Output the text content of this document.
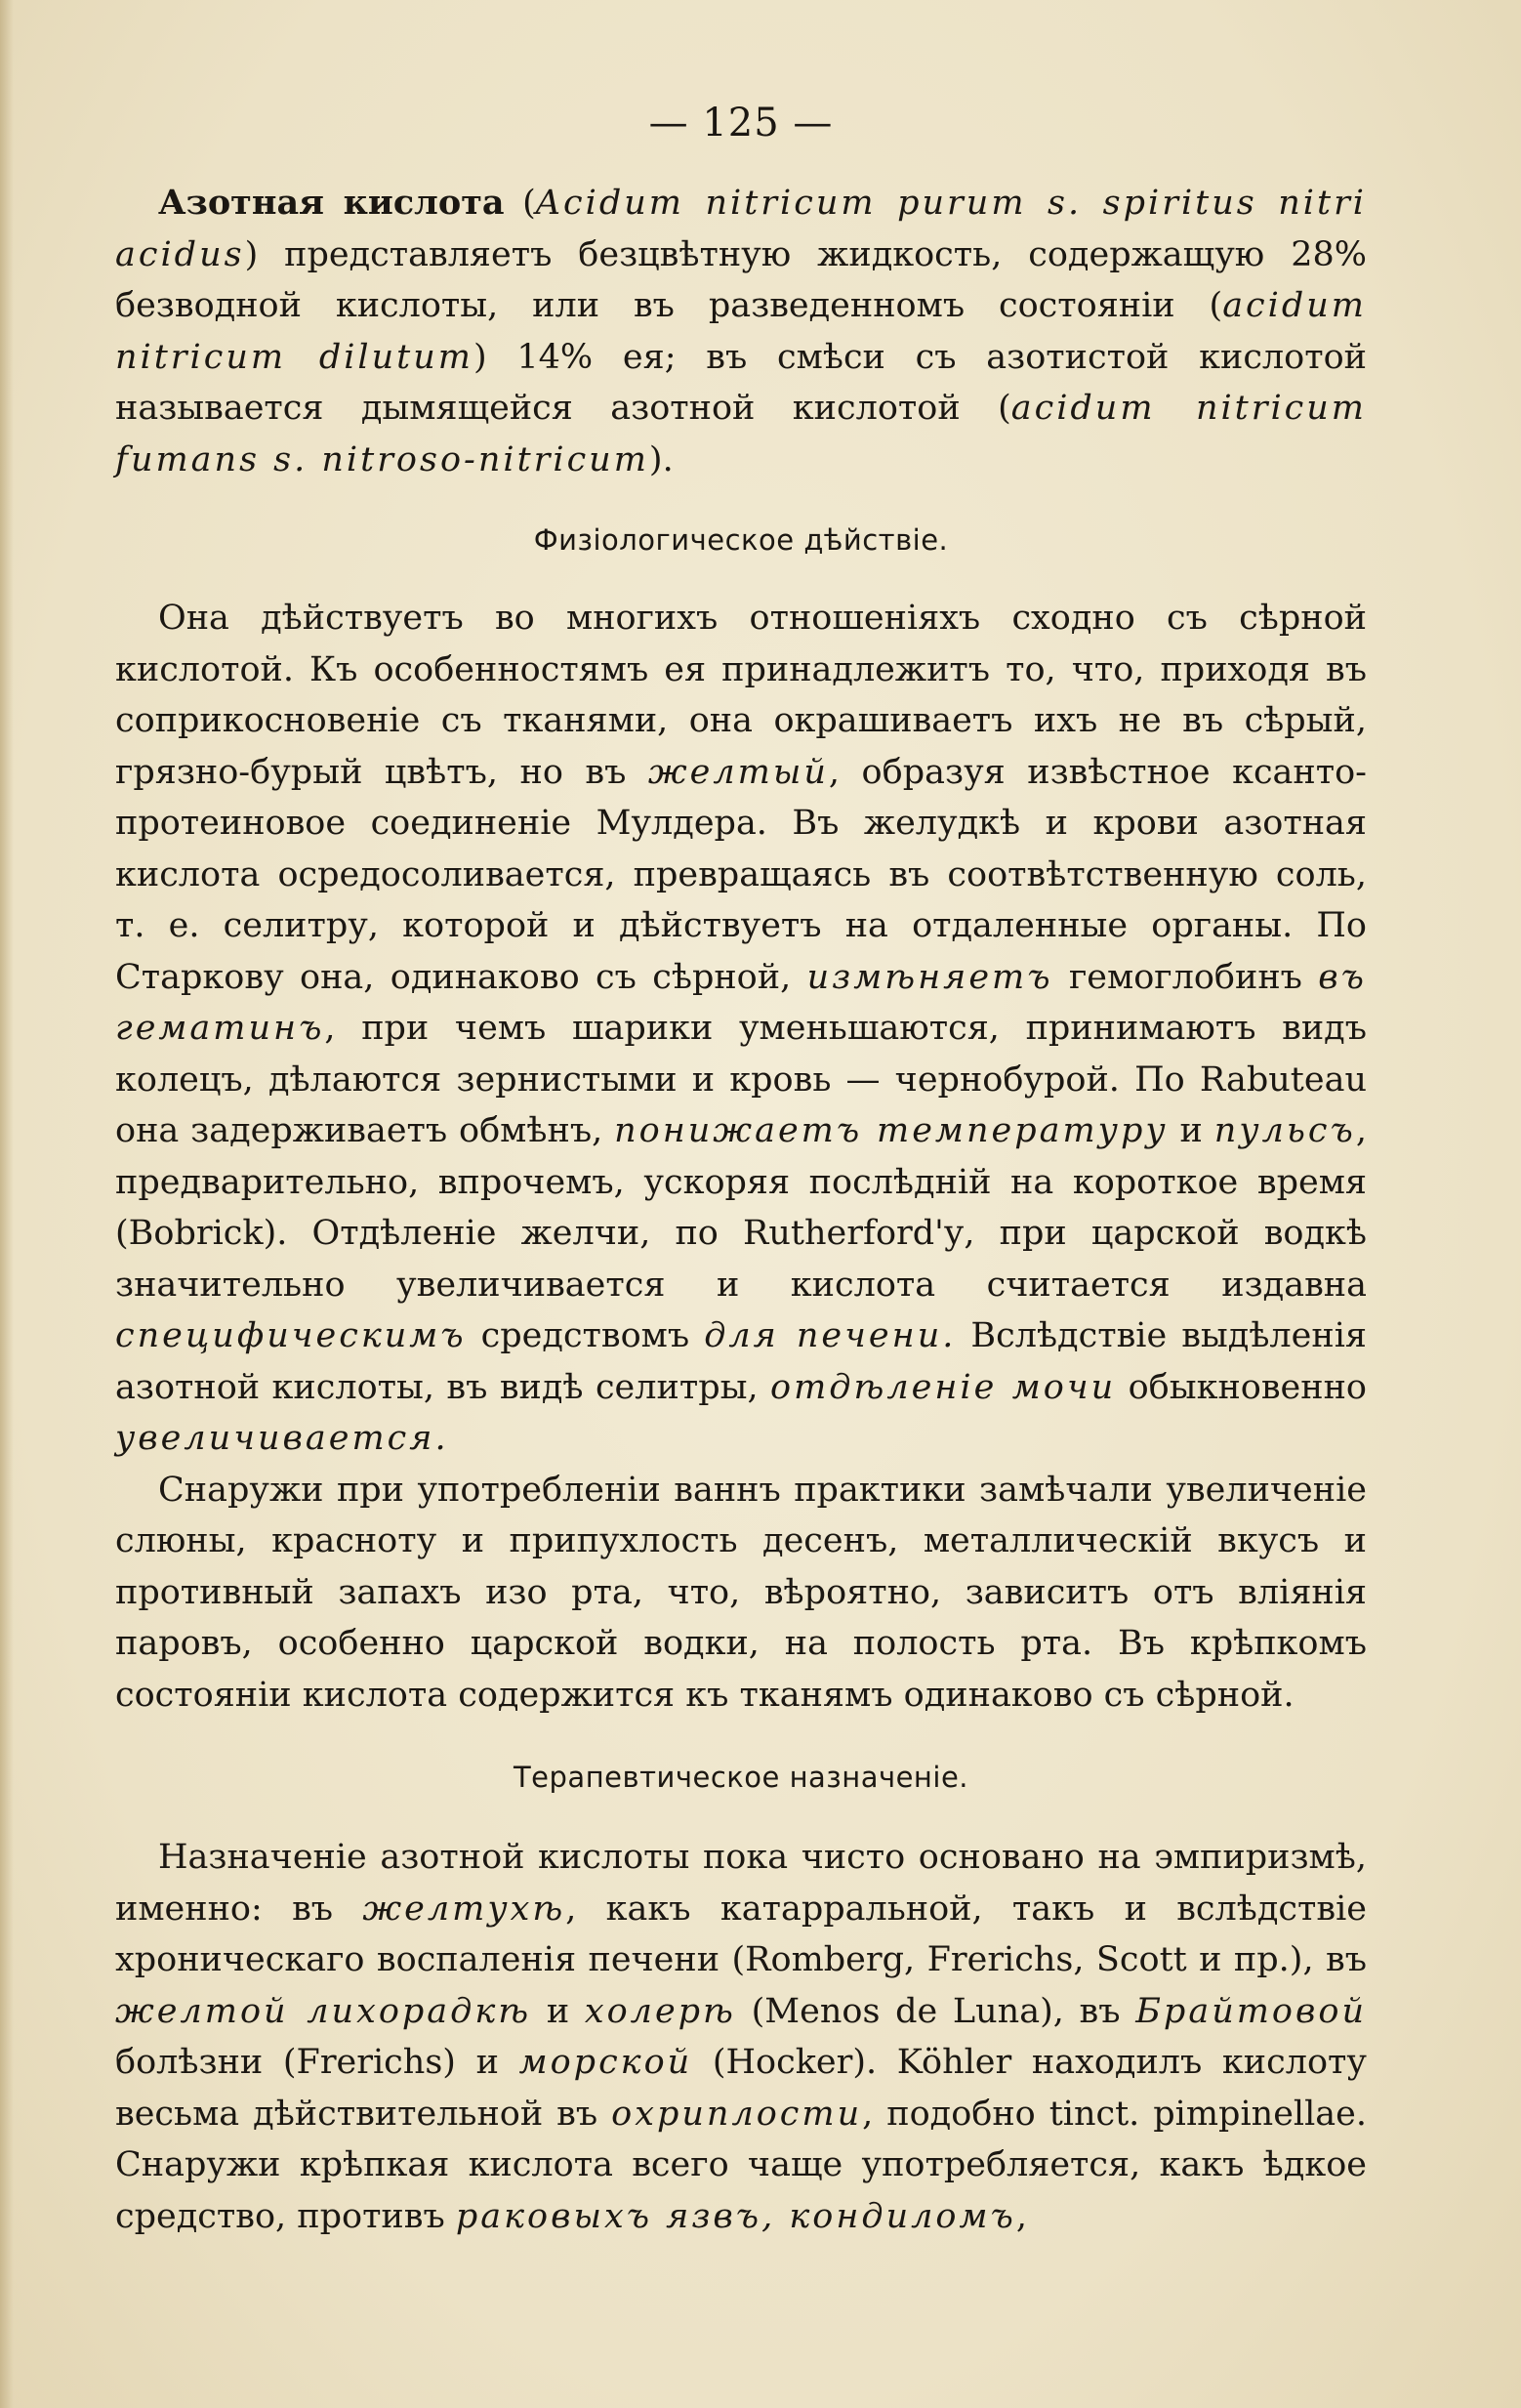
— 125 —

Азотная кислота (Acidum nitricum purum s. spiritus nitri acidus) представляетъ безцвѣтную жидкость, содержащую 28% безводной кислоты, или въ разведенномъ состояніи (acidum nitricum dilutum) 14% ея; въ смѣси съ азотистой кислотой называется дымящейся азотной кислотой (acidum nitricum fumans s. nitroso-nitricum).

Физіологическое дѣйствіе.

Она дѣйствуетъ во многихъ отношеніяхъ сходно съ сѣрной кислотой. Къ особенностямъ ея принадлежитъ то, что, приходя въ соприкосновеніе съ тканями, она окрашиваетъ ихъ не въ сѣрый, грязно-бурый цвѣтъ, но въ желтый, образуя извѣстное ксанто-протеиновое соединеніе Мулдера. Въ желудкѣ и крови азотная кислота осредосоливается, превращаясь въ соотвѣтственную соль, т. е. селитру, которой и дѣйствуетъ на отдаленные органы. По Старкову она, одинаково съ сѣрной, измѣняетъ гемоглобинъ въ гематинъ, при чемъ шарики уменьшаются, принимаютъ видъ колецъ, дѣлаются зернистыми и кровь — чернобурой. По Rabuteau она задерживаетъ обмѣнъ, понижаетъ температуру и пульсъ, предварительно, впрочемъ, ускоряя послѣдній на короткое время (Bobrick). Отдѣленіе желчи, по Rutherford'у, при царской водкѣ значительно увеличивается и кислота считается издавна специфическимъ средствомъ для печени. Вслѣдствіе выдѣленія азотной кислоты, въ видѣ селитры, отдѣленіе мочи обыкновенно увеличивается.

Снаружи при употребленіи ваннъ практики замѣчали увеличеніе слюны, красноту и припухлость десенъ, металлическій вкусъ и противный запахъ изо рта, что, вѣроятно, зависитъ отъ вліянія паровъ, особенно царской водки, на полость рта. Въ крѣпкомъ состояніи кислота содержится къ тканямъ одинаково съ сѣрной.

Терапевтическое назначеніе.

Назначеніе азотной кислоты пока чисто основано на эмпиризмѣ, именно: въ желтухѣ, какъ катарральной, такъ и вслѣдствіе хроническаго воспаленія печени (Romberg, Frerichs, Scott и пр.), въ желтой лихорадкѣ и холерѣ (Menos de Luna), въ Брайтовой болѣзни (Frerichs) и морской (Hocker). Köhler находилъ кислоту весьма дѣйствительной въ охриплости, подобно tinct. pimpinellae. Снаружи крѣпкая кислота всего чаще употребляется, какъ ѣдкое средство, противъ раковыхъ язвъ, кондиломъ,
